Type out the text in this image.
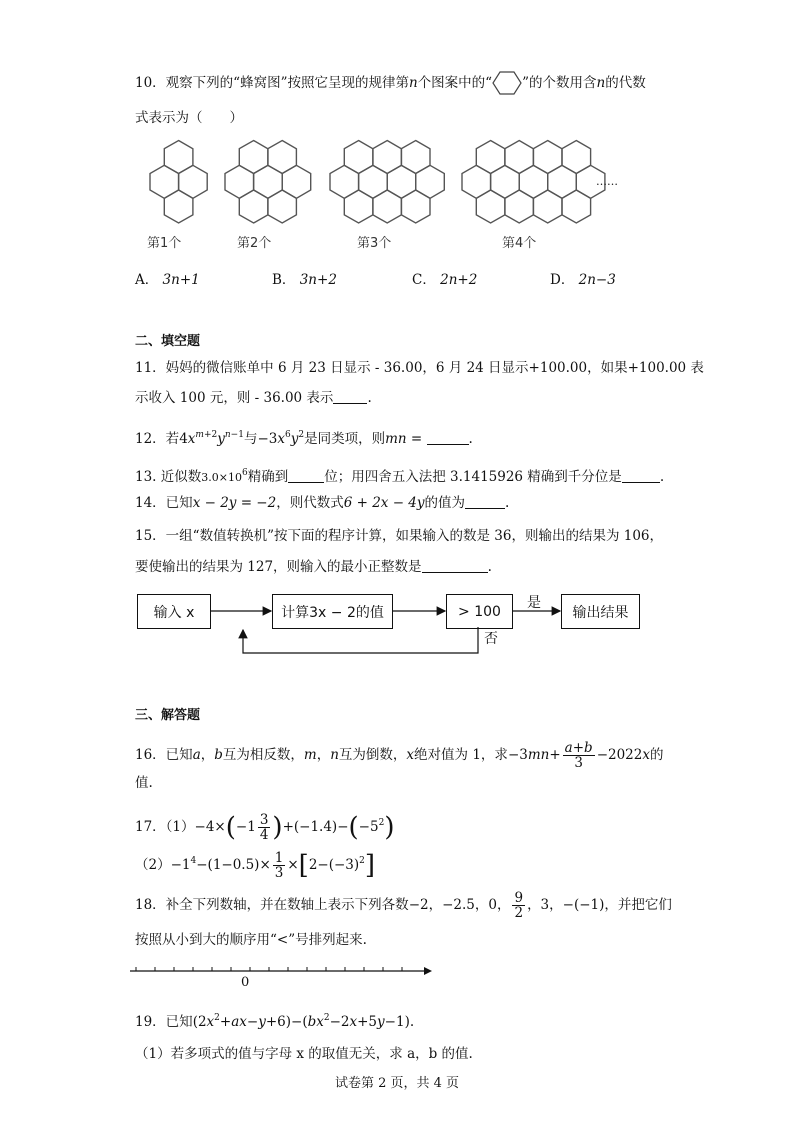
10．观察下列的“蜂窝图”按照它呈现的规律第n个图案中的“ ”的个数用含n的代数
式表示为（　　）
第1个	第2个	第3个	第4个
……
A． 3n+1	B． 3n+2	C． 2n+2	D． 2n−3
二、填空题
11．妈妈的微信账单中 6 月 23 日显示 - 36.00，6 月 24 日显示+100.00，如果+100.00 表
示收入 100 元，则 - 36.00 表示	.
12．若$4x^{m+2}y^{n-1}$与$-3x^6y^2$是同类项，则mn =	.
13. 近似数$3.0\times 10^6$精确到	位；用四舍五入法把 3.1415926 精确到千分位是	.
14．已知x − 2y = −2，则代数式6 + 2x − 4y的值为	.
15．一组“数值转换机”按下面的程序计算，如果输入的数是 36，则输出的结果为 106，
要使输出的结果为 127，则输入的最小正整数是	.
输入 x	计算3x − 2的值	> 100	输出结果
是
否
三、解答题
16．已知a，b互为相反数，m，n互为倒数，x绝对值为 1，求$-3mn+ \frac{a+b}{3} -2022x$的
值.
17．$(1)-4\times(-1 \frac{3}{4} )+(-1.4)-(-5^2)$
$(2)-1^4-(1-0.5)\times \frac{1}{3} \times[2-(-3)^2]$
18．补全下列数轴，并在数轴上表示下列各数−2，−2.5，0， $\frac{9}{2}$ ，3，−(−1)，并把它们
按照从小到大的顺序用“<”号排列起来.
0
19．已知$(2x^2+ax-y+6)-(bx^2-2x+5y-1)$.
（1）若多项式的值与字母 x 的取值无关，求 a，b 的值.
试卷第 2 页，共 4 页
